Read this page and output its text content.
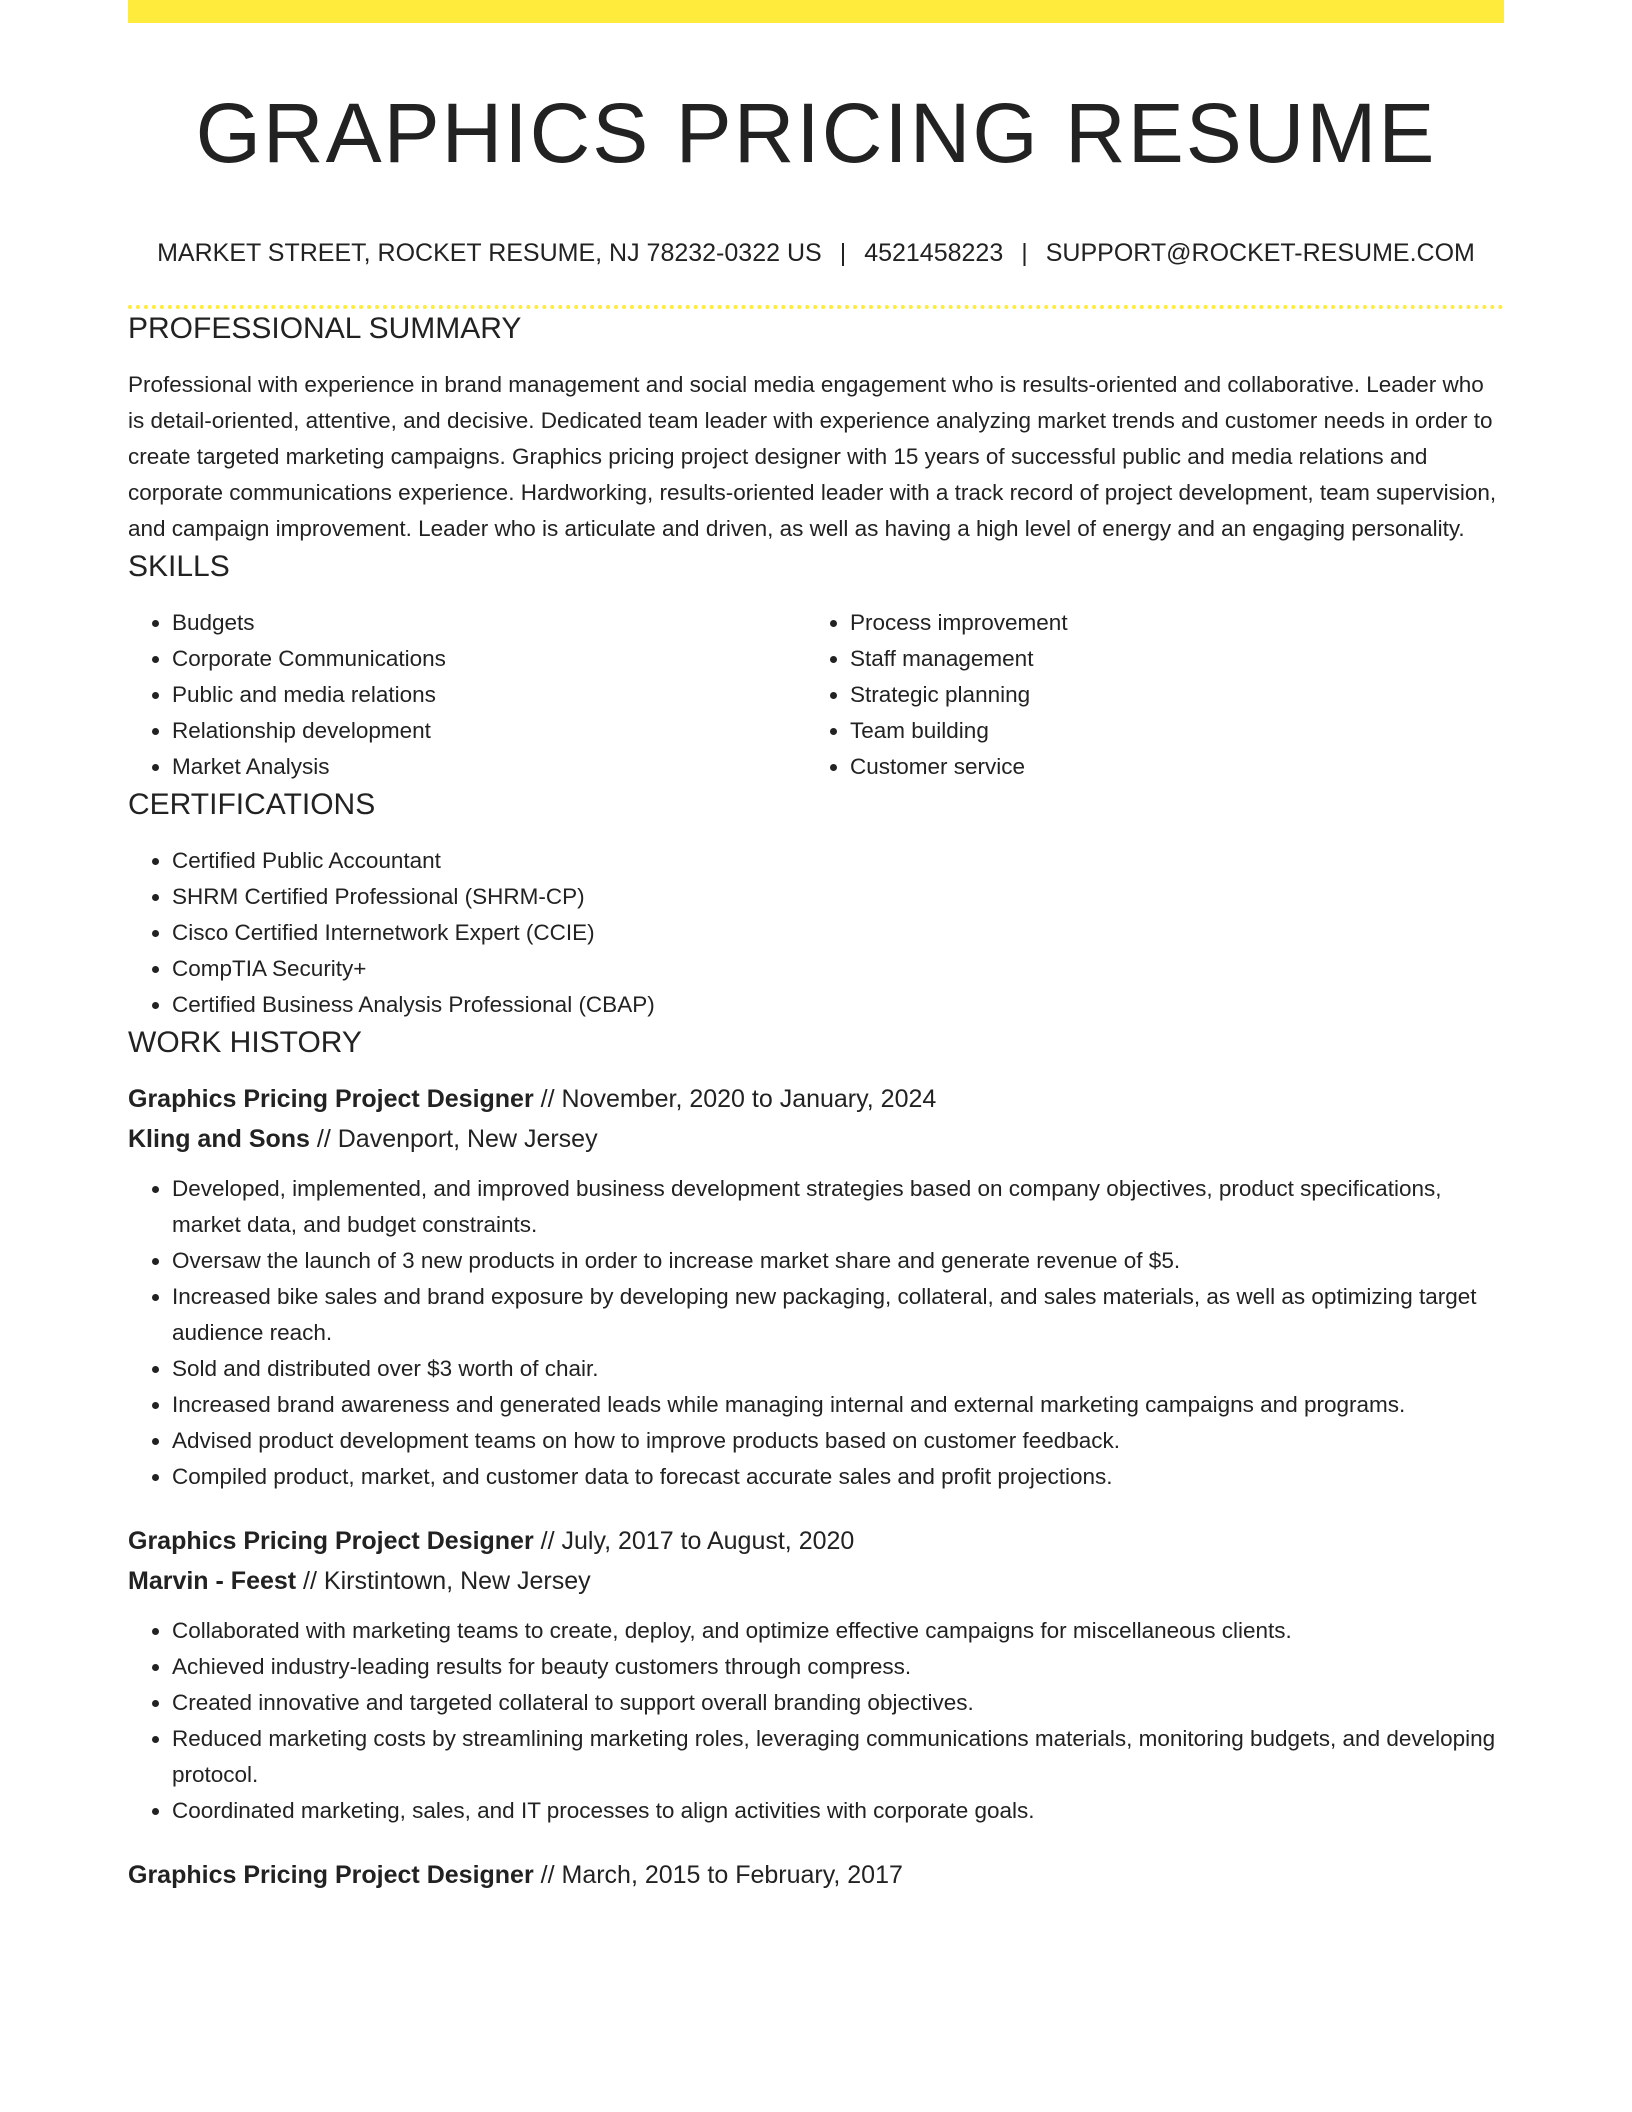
GRAPHICS PRICING RESUME
MARKET STREET, ROCKET RESUME, NJ 78232-0322 US | 4521458223 | SUPPORT@ROCKET-RESUME.COM
PROFESSIONAL SUMMARY

Professional with experience in brand management and social media engagement who is results-oriented and collaborative. Leader who is detail-oriented, attentive, and decisive. Dedicated team leader with experience analyzing market trends and customer needs in order to create targeted marketing campaigns. Graphics pricing project designer with 15 years of successful public and media relations and corporate communications experience. Hardworking, results-oriented leader with a track record of project development, team supervision, and campaign improvement. Leader who is articulate and driven, as well as having a high level of energy and an engaging personality.

SKILLS
• Budgets
• Corporate Communications
• Public and media relations
• Relationship development
• Market Analysis
• Process improvement
• Staff management
• Strategic planning
• Team building
• Customer service
CERTIFICATIONS
• Certified Public Accountant
• SHRM Certified Professional (SHRM-CP)
• Cisco Certified Internetwork Expert (CCIE)
• CompTIA Security+
• Certified Business Analysis Professional (CBAP)
WORK HISTORY
Graphics Pricing Project Designer // November, 2020 to January, 2024
Kling and Sons // Davenport, New Jersey
• Developed, implemented, and improved business development strategies based on company objectives, product specifications, market data, and budget constraints.
• Oversaw the launch of 3 new products in order to increase market share and generate revenue of $5.
• Increased bike sales and brand exposure by developing new packaging, collateral, and sales materials, as well as optimizing target audience reach.
• Sold and distributed over $3 worth of chair.
• Increased brand awareness and generated leads while managing internal and external marketing campaigns and programs.
• Advised product development teams on how to improve products based on customer feedback.
• Compiled product, market, and customer data to forecast accurate sales and profit projections.
Graphics Pricing Project Designer // July, 2017 to August, 2020
Marvin - Feest // Kirstintown, New Jersey
• Collaborated with marketing teams to create, deploy, and optimize effective campaigns for miscellaneous clients.
• Achieved industry-leading results for beauty customers through compress.
• Created innovative and targeted collateral to support overall branding objectives.
• Reduced marketing costs by streamlining marketing roles, leveraging communications materials, monitoring budgets, and developing protocol.
• Coordinated marketing, sales, and IT processes to align activities with corporate goals.
Graphics Pricing Project Designer // March, 2015 to February, 2017
